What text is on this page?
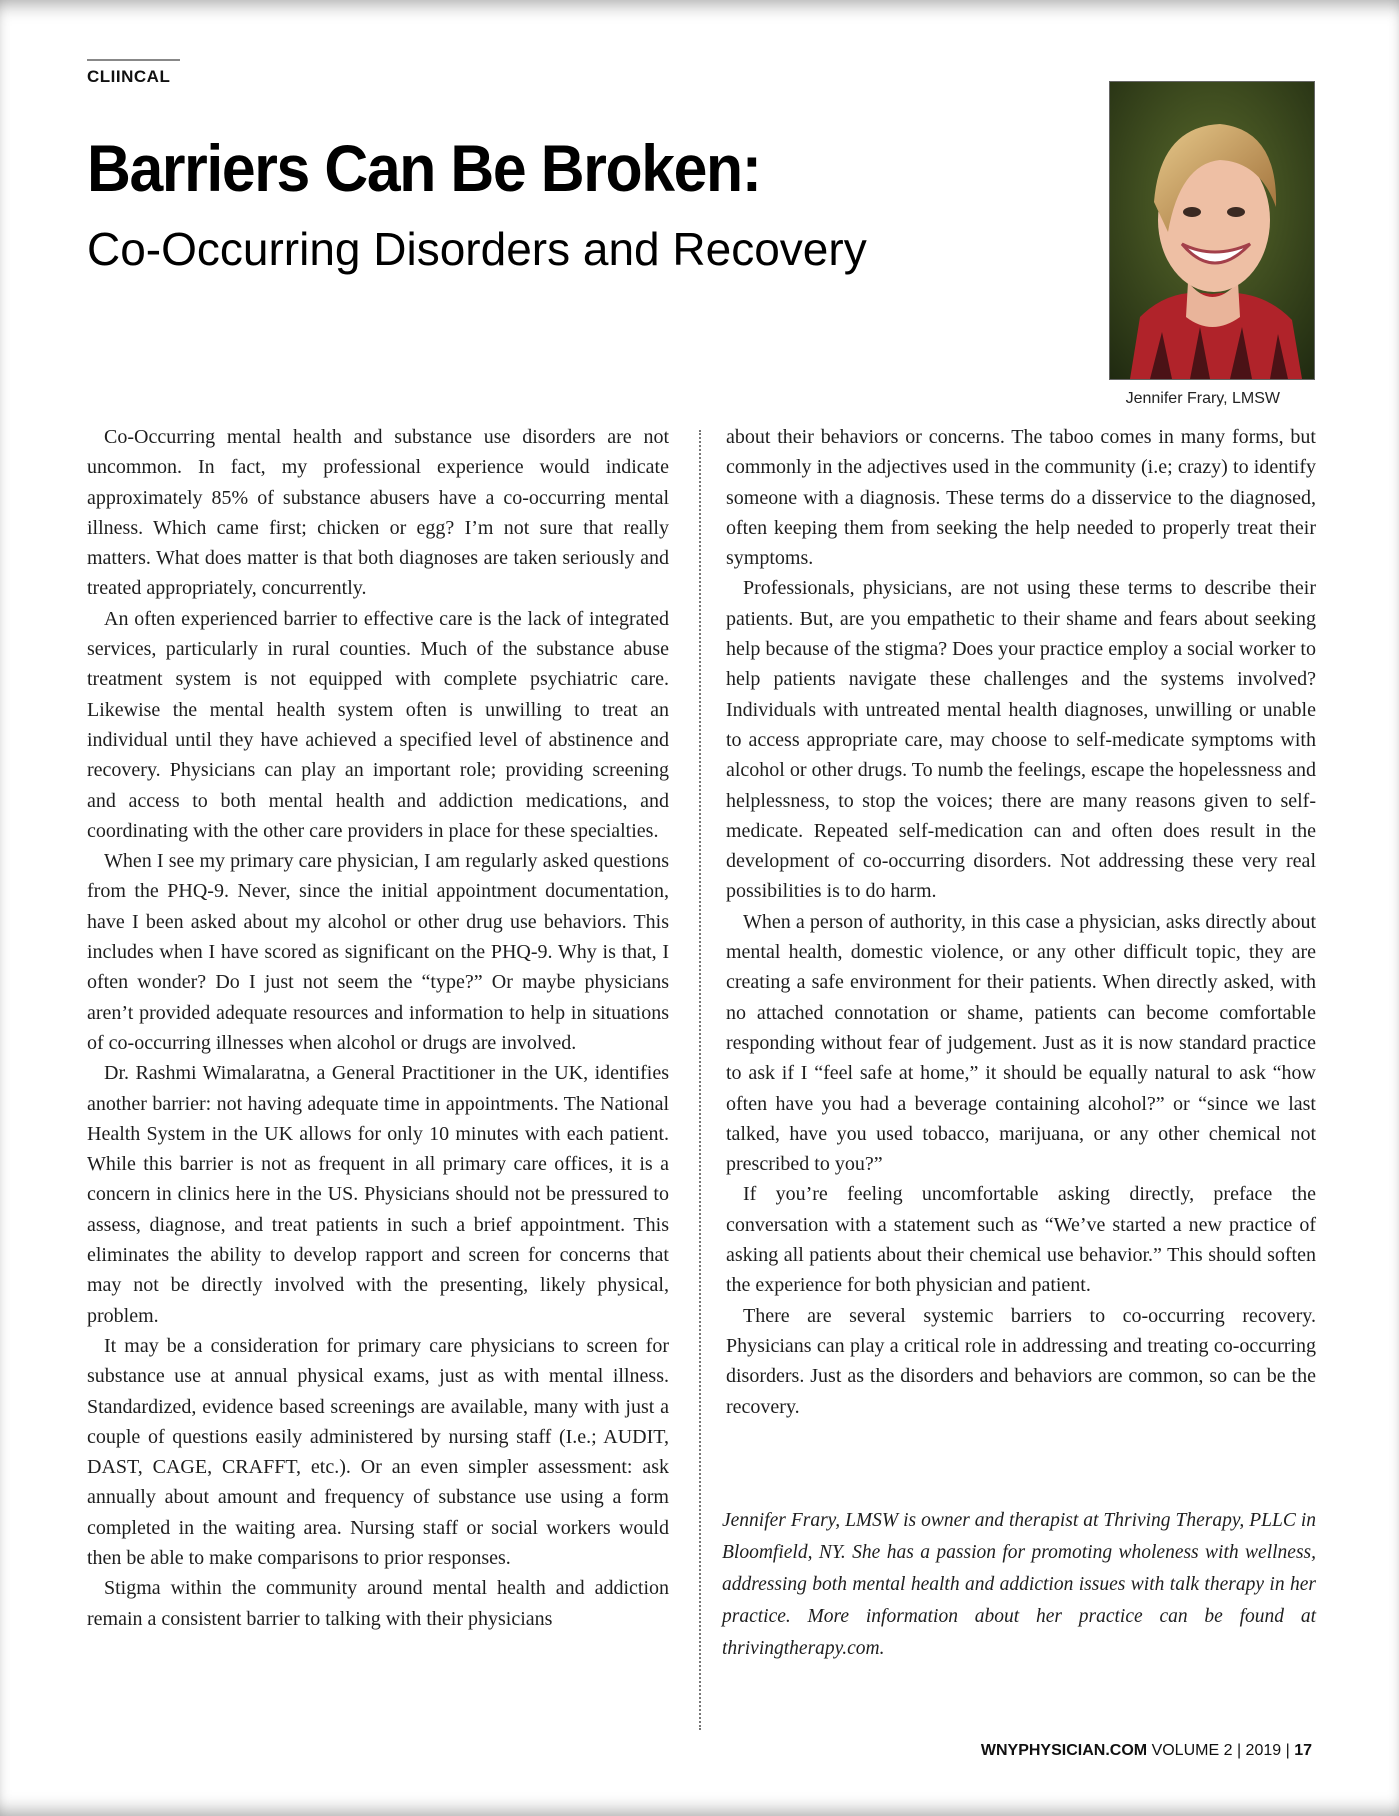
CLIINCAL
Barriers Can Be Broken:
Co-Occurring Disorders and Recovery
Jennifer Frary, LMSW

Co-Occurring mental health and substance use disorders are not uncommon. In fact, my professional experience would indicate approximately 85% of substance abusers have a co-occurring mental illness. Which came first; chicken or egg? I’m not sure that really matters. What does matter is that both diagnoses are taken seriously and treated appropriately, concurrently.

An often experienced barrier to effective care is the lack of integrated services, particularly in rural counties. Much of the substance abuse treatment system is not equipped with complete psychiatric care. Likewise the mental health system often is unwilling to treat an individual until they have achieved a specified level of abstinence and recovery. Physicians can play an important role; providing screening and access to both mental health and addiction medications, and coordinating with the other care providers in place for these specialties.

When I see my primary care physician, I am regularly asked questions from the PHQ-9. Never, since the initial appointment documentation, have I been asked about my alcohol or other drug use behaviors. This includes when I have scored as significant on the PHQ-9. Why is that, I often wonder? Do I just not seem the “type?” Or maybe physicians aren’t provided adequate resources and information to help in situations of co-occurring illnesses when alcohol or drugs are involved.

Dr. Rashmi Wimalaratna, a General Practitioner in the UK, identifies another barrier: not having adequate time in appointments. The National Health System in the UK allows for only 10 minutes with each patient. While this barrier is not as frequent in all primary care offices, it is a concern in clinics here in the US. Physicians should not be pressured to assess, diagnose, and treat patients in such a brief appointment. This eliminates the ability to develop rapport and screen for concerns that may not be directly involved with the presenting, likely physical, problem.

It may be a consideration for primary care physicians to screen for substance use at annual physical exams, just as with mental illness. Standardized, evidence based screenings are available, many with just a couple of questions easily administered by nursing staff (I.e.; AUDIT, DAST, CAGE, CRAFFT, etc.). Or an even simpler assessment: ask annually about amount and frequency of substance use using a form completed in the waiting area. Nursing staff or social workers would then be able to make comparisons to prior responses.

Stigma within the community around mental health and addiction remain a consistent barrier to talking with their physicians

about their behaviors or concerns. The taboo comes in many forms, but commonly in the adjectives used in the community (i.e; crazy) to identify someone with a diagnosis. These terms do a disservice to the diagnosed, often keeping them from seeking the help needed to properly treat their symptoms.

Professionals, physicians, are not using these terms to describe their patients. But, are you empathetic to their shame and fears about seeking help because of the stigma? Does your practice employ a social worker to help patients navigate these challenges and the systems involved? Individuals with untreated mental health diagnoses, unwilling or unable to access appropriate care, may choose to self-medicate symptoms with alcohol or other drugs. To numb the feelings, escape the hopelessness and helplessness, to stop the voices; there are many reasons given to self-medicate. Repeated self-medication can and often does result in the development of co-occurring disorders. Not addressing these very real possibilities is to do harm.

When a person of authority, in this case a physician, asks directly about mental health, domestic violence, or any other difficult topic, they are creating a safe environment for their patients. When directly asked, with no attached connotation or shame, patients can become comfortable responding without fear of judgement. Just as it is now standard practice to ask if I “feel safe at home,” it should be equally natural to ask “how often have you had a beverage containing alcohol?” or “since we last talked, have you used tobacco, marijuana, or any other chemical not prescribed to you?”

If you’re feeling uncomfortable asking directly, preface the conversation with a statement such as “We’ve started a new practice of asking all patients about their chemical use behavior.” This should soften the experience for both physician and patient.

There are several systemic barriers to co-occurring recovery. Physicians can play a critical role in addressing and treating co-occurring disorders. Just as the disorders and behaviors are common, so can be the recovery.

Jennifer Frary, LMSW is owner and therapist at Thriving Therapy, PLLC in Bloomfield, NY. She has a passion for promoting wholeness with wellness, addressing both mental health and addiction issues with talk therapy in her practice. More information about her practice can be found at thrivingtherapy.com.

WNYPHYSICIAN.COM VOLUME 2 | 2019 | 17
